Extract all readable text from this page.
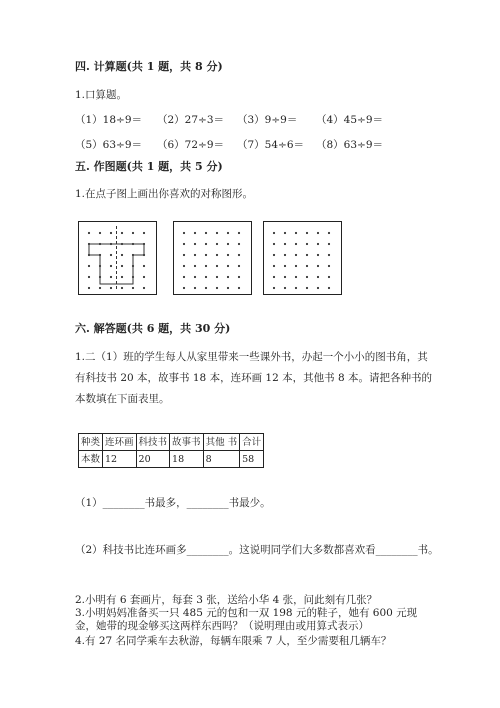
四. 计算题(共 1 题，共 8 分)
1.口算题。
（1）18÷9＝ （2）27÷3＝ （3）9÷9＝ （4）45÷9＝
（5）63÷9＝ （6）72÷9＝ （7）54÷6＝ （8）63÷9＝
五. 作图题(共 1 题，共 5 分)
1.在点子图上画出你喜欢的对称图形。
六. 解答题(共 6 题，共 30 分)
1.二（1）班的学生每人从家里带来一些课外书，办起一个小小的图书角，其有科技书 20 本，故事书 18 本，连环画 12 本，其他书 8 本。请把各种书的本数填在下面表里。
种类	连环画	科技书	故事书	其他 书	合计
本数	12	20	18	8	58
（1）________书最多，________书最少。
（2）科技书比连环画多________。这说明同学们大多数都喜欢看________书。
2.小明有 6 套画片，每套 3 张，送给小华 4 张，问此刻有几张？
3.小明妈妈准备买一只 485 元的包和一双 198 元的鞋子，她有 600 元现金，她带的现金够买这两样东西吗？（说明理由或用算式表示）
4.有 27 名同学乘车去秋游，每辆车限乘 7 人，至少需要租几辆车？
